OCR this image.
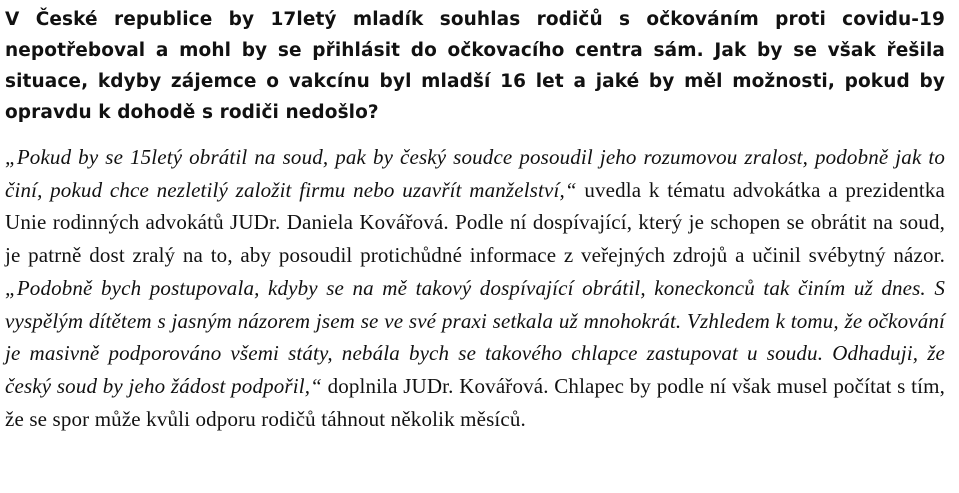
V České republice by 17letý mladík souhlas rodičů s očkováním proti covidu-19 nepotřeboval a mohl by se přihlásit do očkovacího centra sám. Jak by se však řešila situace, kdyby zájemce o vakcínu byl mladší 16 let a jaké by měl možnosti, pokud by opravdu k dohodě s rodiči nedošlo?

„Pokud by se 15letý obrátil na soud, pak by český soudce posoudil jeho rozumovou zralost, podobně jak to činí, pokud chce nezletilý založit firmu nebo uzavřít manželství,“ uvedla k tématu advokátka a prezidentka Unie rodinných advokátů JUDr. Daniela Kovářová. Podle ní dospívající, který je schopen se obrátit na soud, je patrně dost zralý na to, aby posoudil protichůdné informace z veřejných zdrojů a učinil svébytný názor. „Podobně bych postupovala, kdyby se na mě takový dospívající obrátil, koneckonců tak činím už dnes. S vyspělým dítětem s jasným názorem jsem se ve své praxi setkala už mnohokrát. Vzhledem k tomu, že očkování je masivně podporováno všemi státy, nebála bych se takového chlapce zastupovat u soudu. Odhaduji, že český soud by jeho žádost podpořil,“ doplnila JUDr. Kovářová. Chlapec by podle ní však musel počítat s tím, že se spor může kvůli odporu rodičů táhnout několik měsíců.
